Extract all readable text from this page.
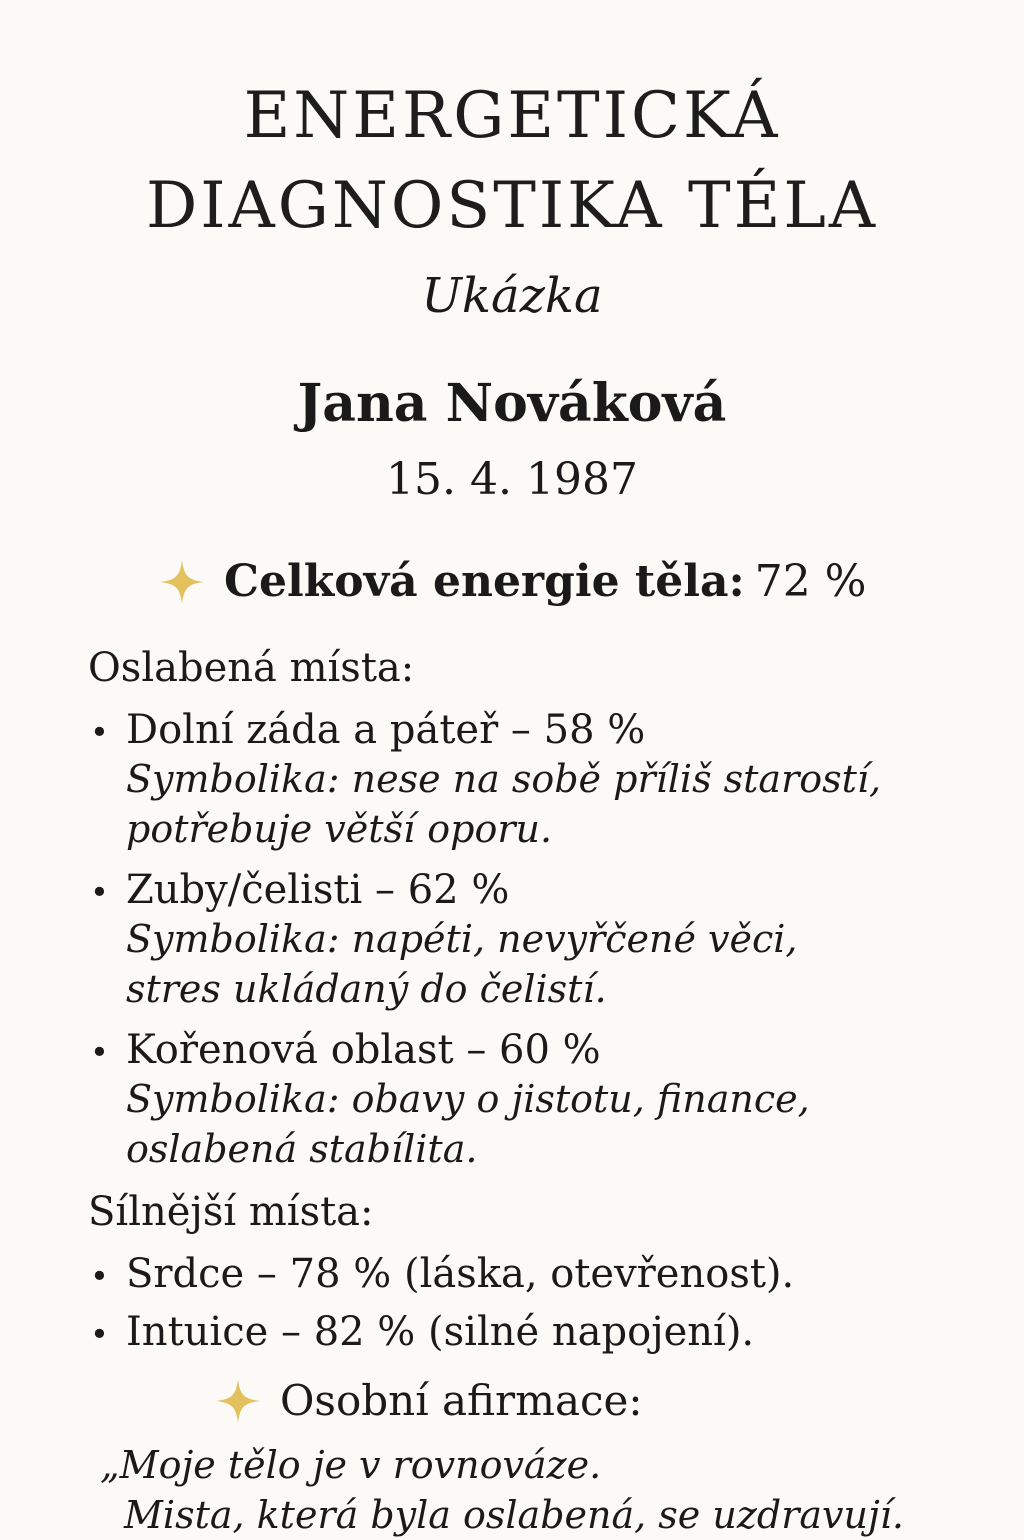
ENERGETICKÁ
DIAGNOSTIKA TÉLA
Ukázka
Jana Nováková
15. 4. 1987
Celková energie těla: 72 %
Oslabená místa:
• Dolní záda a páteř – 58 %
Symbolika: nese na sobě příliš starostí,
potřebuje větší oporu.
• Zuby/čelisti – 62 %
Symbolika: napéti, nevyřčené věci,
stres ukládaný do čelistí.
• Kořenová oblast – 60 %
Symbolika: obavy o jistotu, finance,
oslabená stabílita.
Sílnější místa:
• Srdce – 78 % (láska, otevřenost).
• Intuice – 82 % (silné napojení).
Osobní afirmace:
„Moje tělo je v rovnováze.
Mista, která byla oslabená, se uzdravují.
